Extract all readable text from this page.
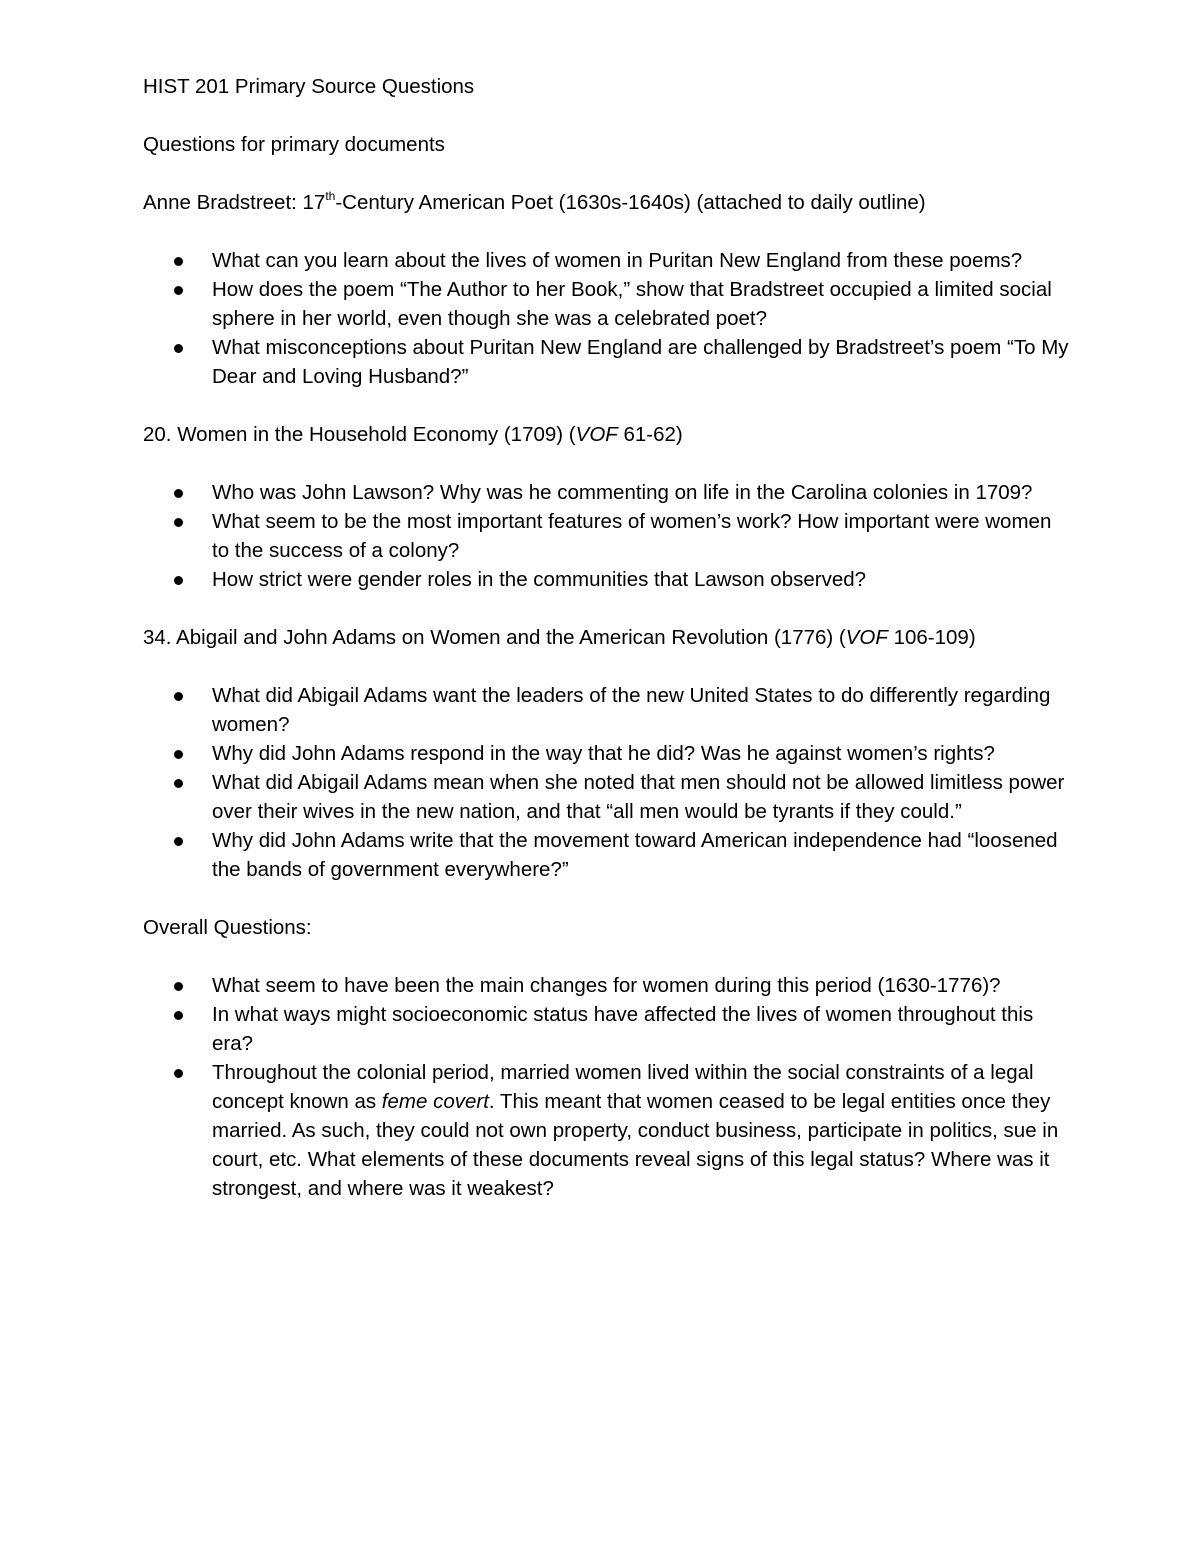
HIST 201 Primary Source Questions

Questions for primary documents

Anne Bradstreet: 17th-Century American Poet (1630s-1640s) (attached to daily outline)

What can you learn about the lives of women in Puritan New England from these poems?
How does the poem “The Author to her Book,” show that Bradstreet occupied a limited social sphere in her world, even though she was a celebrated poet?
What misconceptions about Puritan New England are challenged by Bradstreet’s poem “To My Dear and Loving Husband?”

20. Women in the Household Economy (1709) (VOF 61-62)

Who was John Lawson? Why was he commenting on life in the Carolina colonies in 1709?
What seem to be the most important features of women’s work? How important were women to the success of a colony?
How strict were gender roles in the communities that Lawson observed?

34. Abigail and John Adams on Women and the American Revolution (1776) (VOF 106-109)

What did Abigail Adams want the leaders of the new United States to do differently regarding women?
Why did John Adams respond in the way that he did? Was he against women’s rights?
What did Abigail Adams mean when she noted that men should not be allowed limitless power over their wives in the new nation, and that “all men would be tyrants if they could.”
Why did John Adams write that the movement toward American independence had “loosened the bands of government everywhere?”

Overall Questions:

What seem to have been the main changes for women during this period (1630-1776)?
In what ways might socioeconomic status have affected the lives of women throughout this era?
Throughout the colonial period, married women lived within the social constraints of a legal concept known as feme covert. This meant that women ceased to be legal entities once they married. As such, they could not own property, conduct business, participate in politics, sue in court, etc. What elements of these documents reveal signs of this legal status? Where was it strongest, and where was it weakest?
